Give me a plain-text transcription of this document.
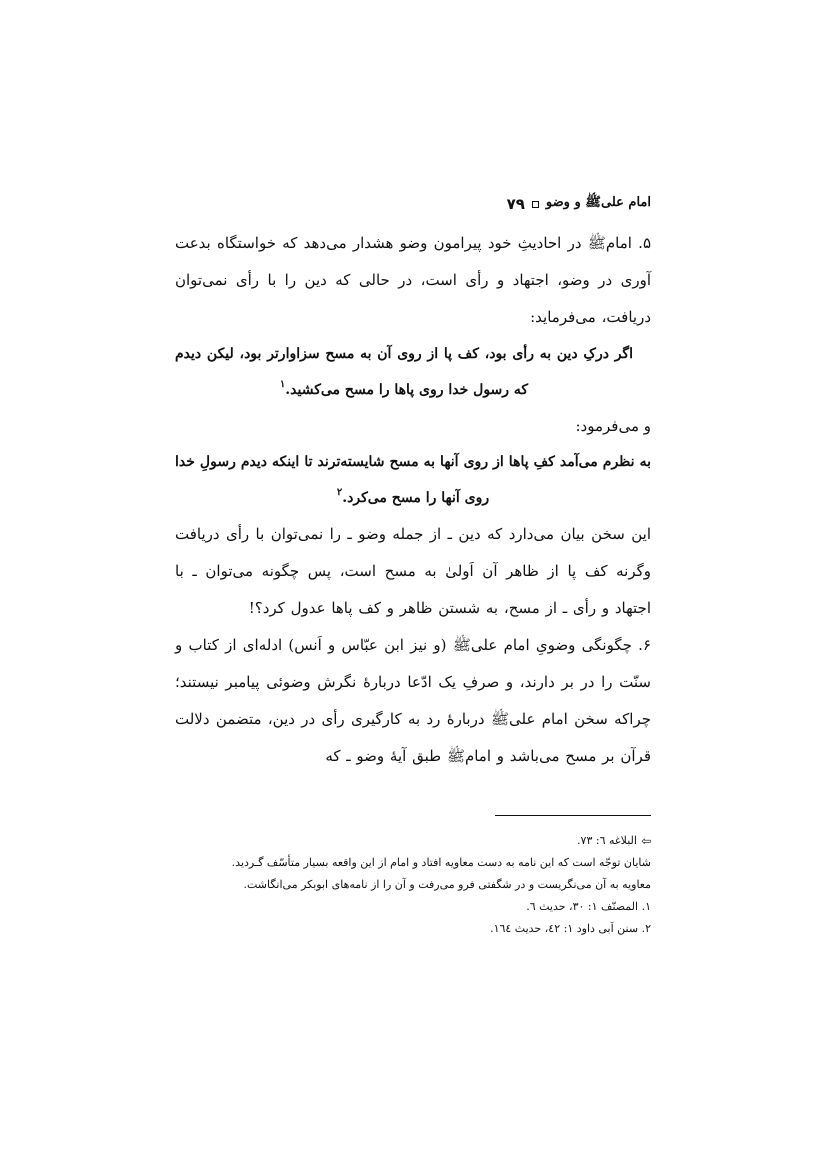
امام علی‌ﷺ و وضو
۷۹

۵. امام‌ﷺ در احادیثِ خود پیرامون وضو هشدار می‌دهد که خواستگاه بدعت آوری در وضو، اجتهاد و رأی است، در حالی که دین را با رأی نمی‌توان دریافت، می‌فرماید:

اگر درکِ دین به رأی بود، کف پا از روی آن به مسح سزاوارتر بود، لیکن دیدم که رسول خدا روی پاها را مسح می‌کشید.$^۱$

و می‌فرمود:

به نظرم می‌آمد کفِ پاها از روی آنها به مسح شایسته‌ترند تا اینکه دیدم رسولِ خدا روی آنها را مسح می‌کرد.$^۲$

این سخن بیان می‌دارد که دین ـ از جمله وضو ـ را نمی‌توان با رأی دریافت وگرنه کف پا از ظاهر آن اَولیٰ به مسح است، پس چگونه می‌توان ـ با اجتهاد و رأی ـ از مسح، به شستن ظاهر و کف پاها عدول کرد؟!

۶. چگونگی وضویِ امام علی‌ﷺ (و نیز ابن عبّاس و اَنس) ادله‌ای از کتاب و سنّت را در بر دارند، و صرفِ یک ادّعا دربارهٔ نگرش وضوئی پیامبر نیستند؛ چراکه سخن امام علی‌ﷺ دربارهٔ رد به کارگیری رأی در دین، متضمن دلالت قرآن بر مسح می‌باشد و امام‌ﷺ طبق آیهٔ وضو ـ که

⇨
البلاغه ٦: ٧٣.

شایان توجّه است که این نامه به دست معاویه افتاد و امام از این واقعه بسیار متأسّف گـردید.

معاویه به آن می‌نگریست و در شگفتی فرو می‌رفت و آن را از نامه‌های ابوبکر می‌انگاشت.

١. المصنّف ١: ٣٠، حدیث ٦.

٢. سنن اَبی داود ١: ٤٢، حدیث ١٦٤.
